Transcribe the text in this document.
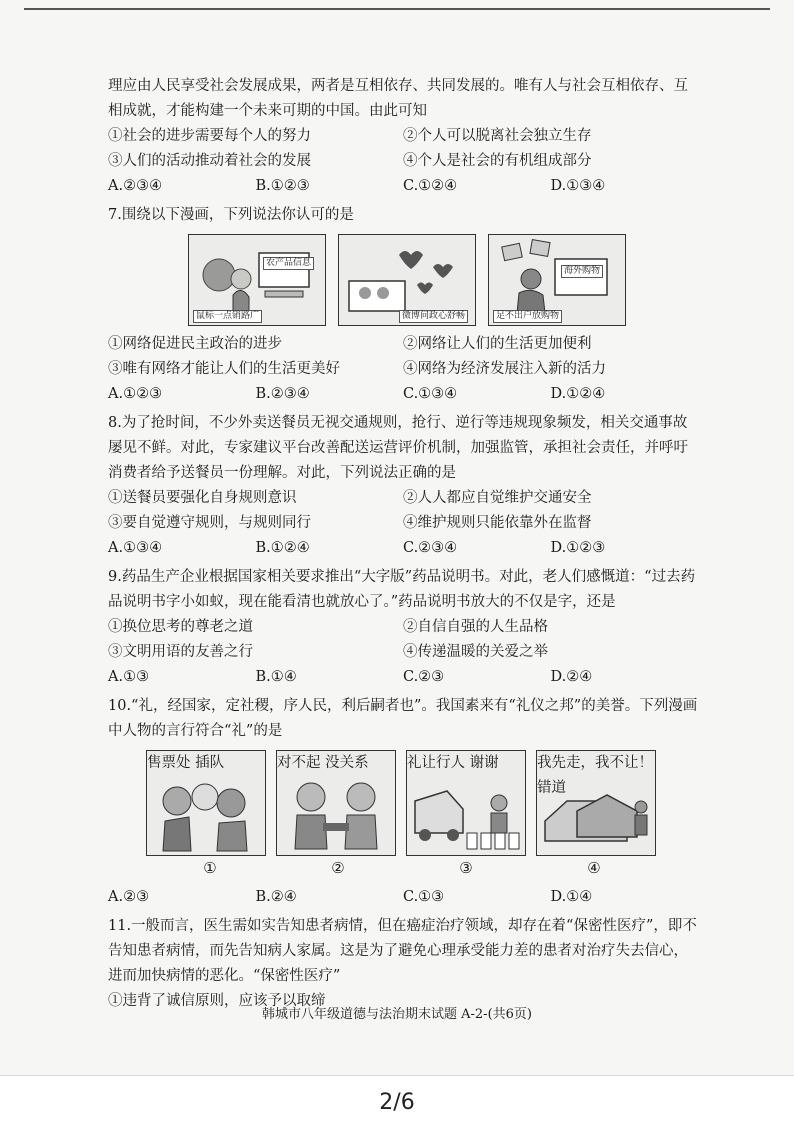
理应由人民享受社会发展成果，两者是互相依存、共同发展的。唯有人与社会互相依存、互相成就，才能构建一个未来可期的中国。由此可知

①社会的进步需要每个人的努力	②个人可以脱离社会独立生存
③人们的活动推动着社会的发展	④个人是社会的有机组成部分
A.②③④	B.①②③	C.①②④	D.①③④

7.围绕以下漫画，下列说法你认可的是

农产品信息
鼠标一点销路广	微博问政心舒畅
海外购物
足不出户放购物
①网络促进民主政治的进步	②网络让人们的生活更加便利
③唯有网络才能让人们的生活更美好	④网络为经济发展注入新的活力
A.①②③	B.②③④	C.①③④	D.①②④

8.为了抢时间，不少外卖送餐员无视交通规则，抢行、逆行等违规现象频发，相关交通事故屡见不鲜。对此，专家建议平台改善配送运营评价机制，加强监管，承担社会责任，并呼吁消费者给予送餐员一份理解。对此，下列说法正确的是

①送餐员要强化自身规则意识	②人人都应自觉维护交通安全
③要自觉遵守规则，与规则同行	④维护规则只能依靠外在监督
A.①③④	B.①②④	C.②③④	D.①②③

9.药品生产企业根据国家相关要求推出“大字版”药品说明书。对此，老人们感慨道：“过去药品说明书字小如蚁，现在能看清也就放心了。”药品说明书放大的不仅是字，还是

①换位思考的尊老之道	②自信自强的人生品格
③文明用语的友善之行	④传递温暖的关爱之举
A.①③	B.①④	C.②③	D.②④

10.“礼，经国家，定社稷，序人民，利后嗣者也”。我国素来有“礼仪之邦”的美誉。下列漫画中人物的言行符合“礼”的是

售票处 插队	对不起 没关系	礼让行人 谢谢	我先走，我不让！ 错道
①	②	③	④
A.②③	B.②④	C.①③	D.①④

11.一般而言，医生需如实告知患者病情，但在癌症治疗领域，却存在着“保密性医疗”，即不告知患者病情，而先告知病人家属。这是为了避免心理承受能力差的患者对治疗失去信心，进而加快病情的恶化。“保密性医疗”

①违背了诚信原则，应该予以取缔
韩城市八年级道德与法治期末试题 A-2-(共6页)
2/6
